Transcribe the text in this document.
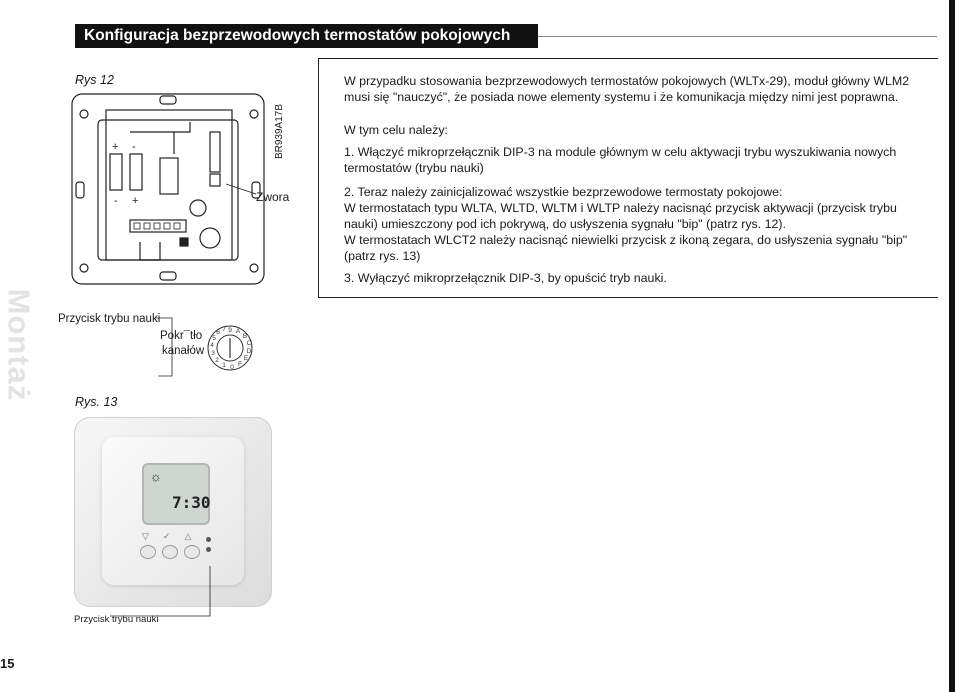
Konfiguracja bezprzewodowych termostatów pokojowych
Montaż
Rys 12
BR939A17B
Zwora
+ -
- +
Przycisk trybu nauki
Pokr¯tło
kanałów
9 A
B
C
D
E
F
0
1
2
3
4
5
6 7
Rys. 13
☼
7:30
▽✓△
Przycisk trybu nauki
W przypadku stosowania bezprzewodowych termostatów pokojowych (WLTx-29), moduł główny WLM2 musi się "nauczyć", że posiada nowe elementy systemu i że komunikacja między nimi jest poprawna.
W tym celu należy:
1. Włączyć mikroprzełącznik DIP-3 na module głównym w celu aktywacji trybu wyszukiwania nowych termostatów (trybu nauki)
2. Teraz należy zainicjalizować wszystkie bezprzewodowe termostaty pokojowe:
W termostatach typu WLTA, WLTD, WLTM i WLTP należy nacisnąć przycisk aktywacji (przycisk trybu nauki) umieszczony pod ich pokrywą, do usłyszenia sygnału "bip" (patrz rys. 12).
W termostatach WLCT2 należy nacisnąć niewielki przycisk z ikoną zegara, do usłyszenia sygnału "bip" (patrz rys. 13)
3. Wyłączyć mikroprzełącznik DIP-3, by opuścić tryb nauki.
15
